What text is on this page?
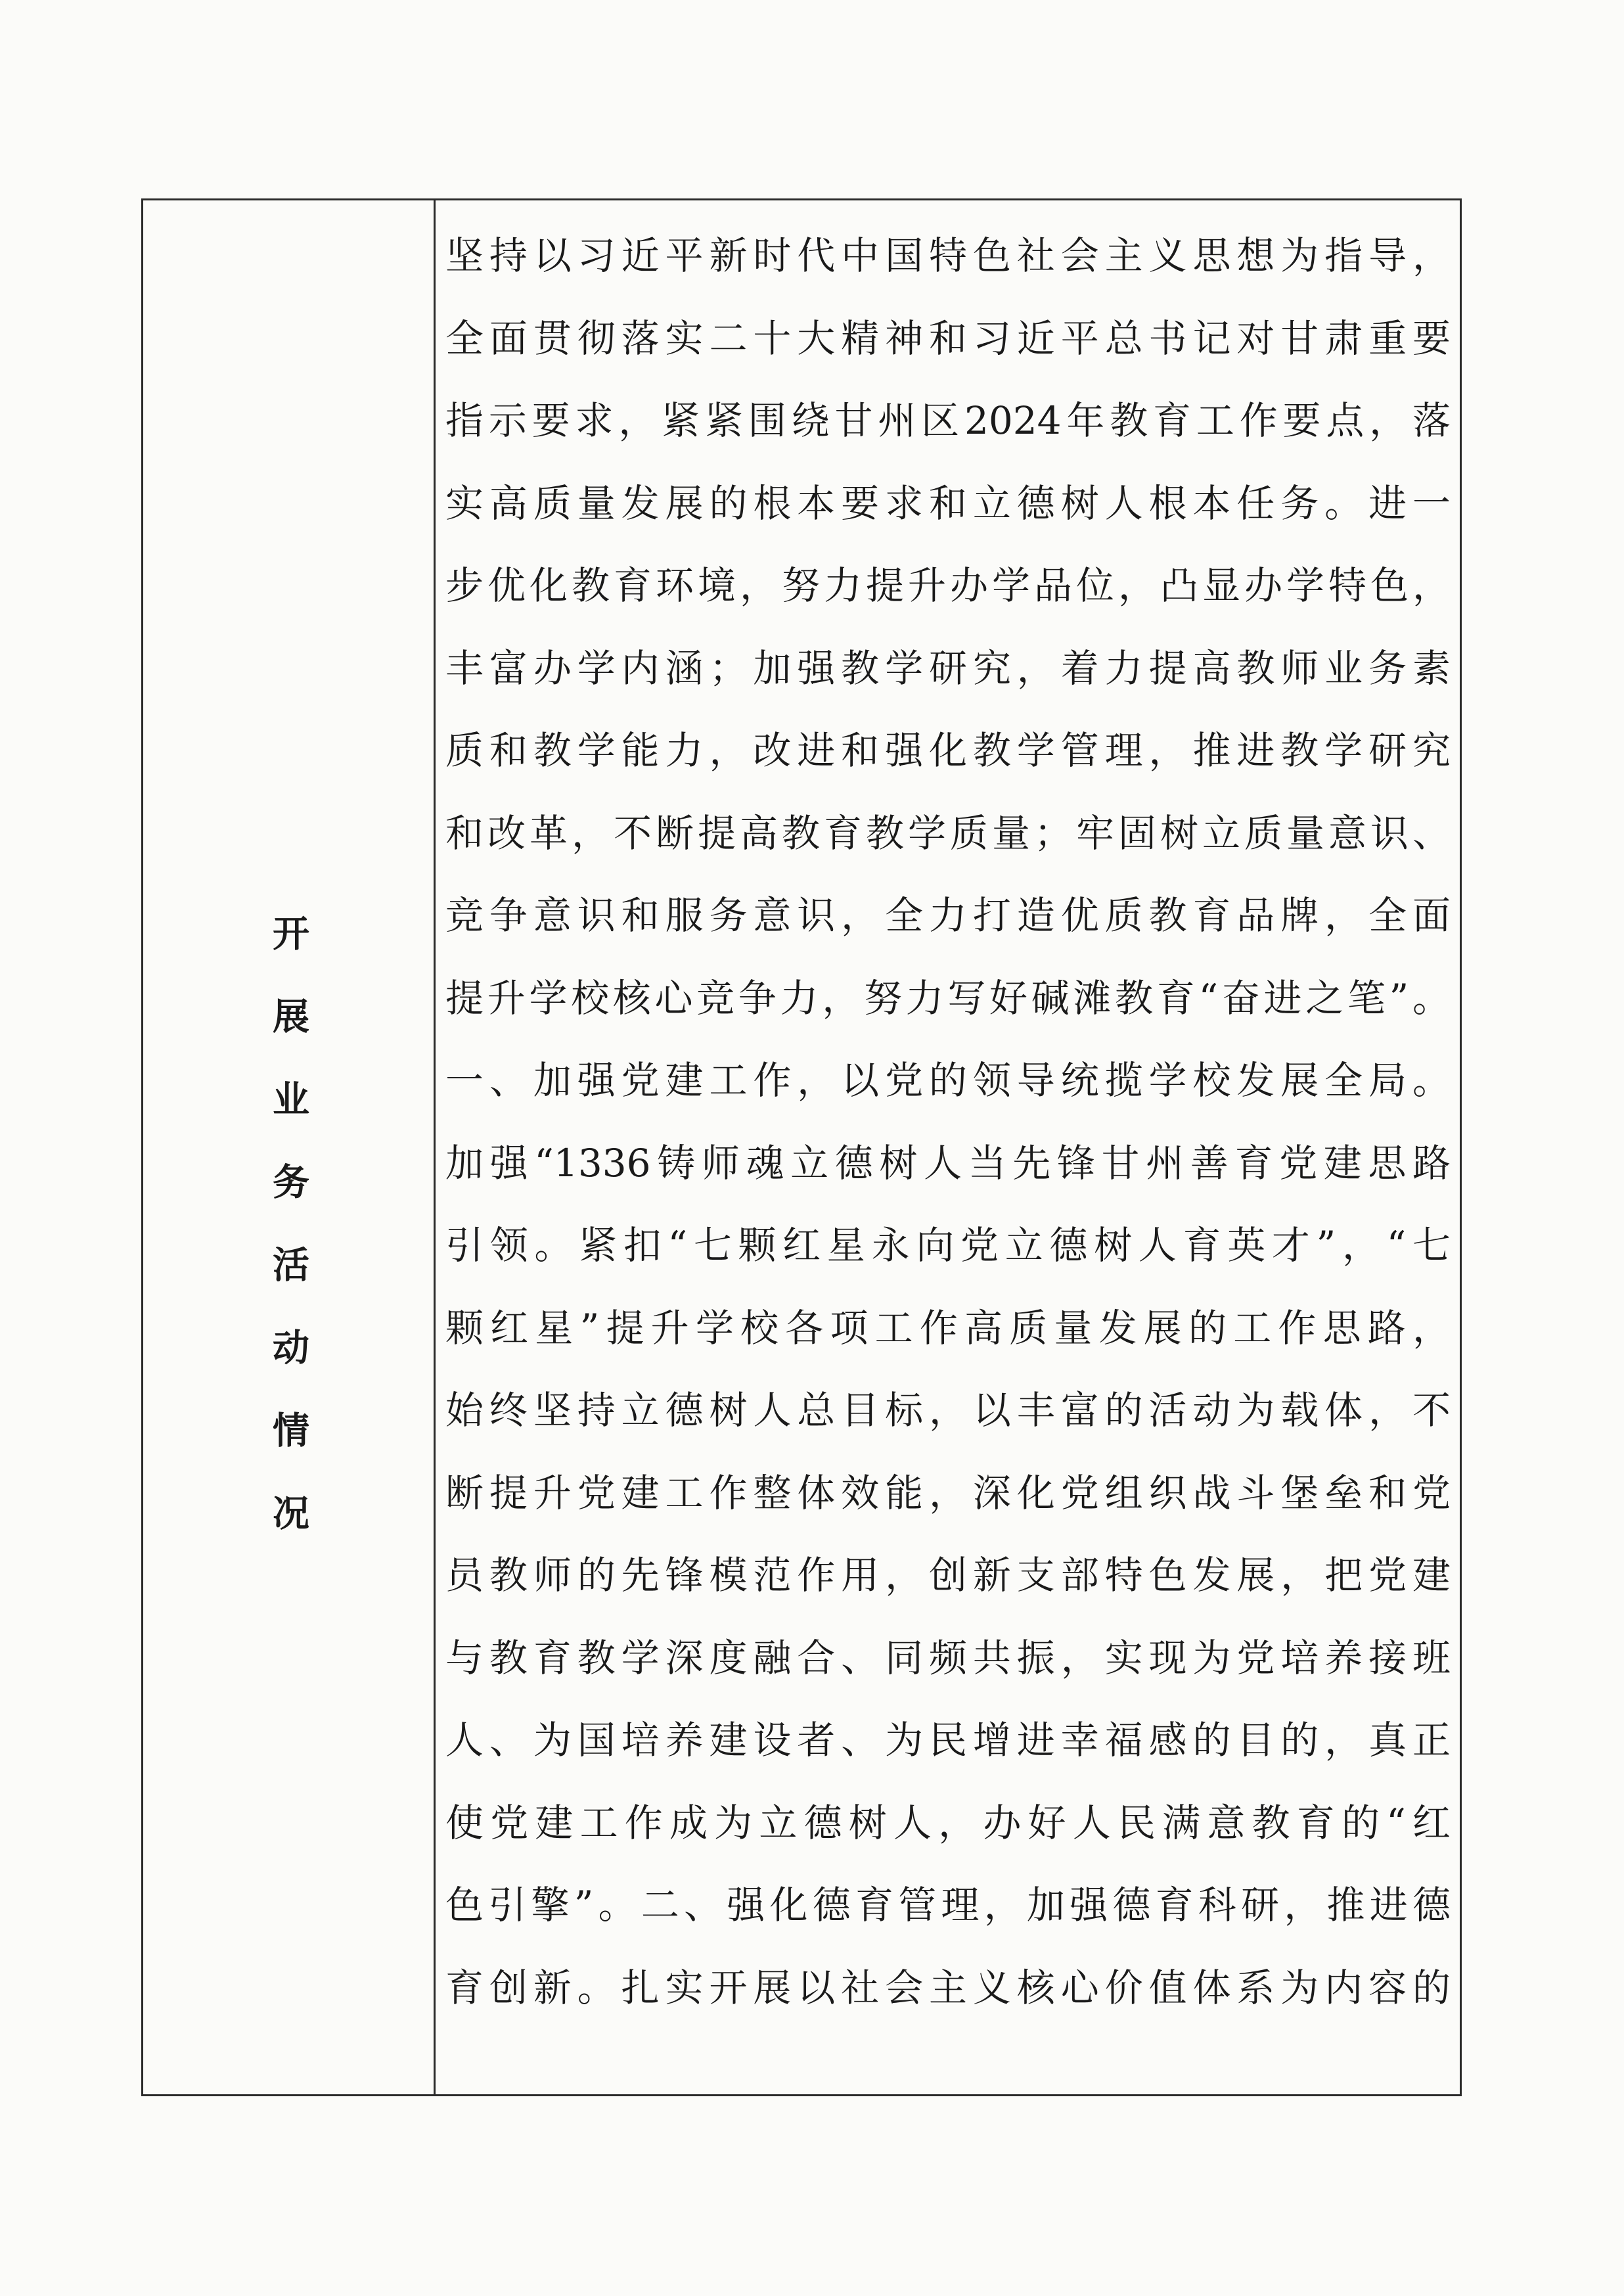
开展业务活动情况
坚持以习近平新时代中国特色社会主义思想为指导，
全面贯彻落实二十大精神和习近平总书记对甘肃重要
指示要求，紧紧围绕甘州区2024年教育工作要点，落
实高质量发展的根本要求和立德树人根本任务。进一
步优化教育环境，努力提升办学品位，凸显办学特色，
丰富办学内涵；加强教学研究，着力提高教师业务素
质和教学能力，改进和强化教学管理，推进教学研究
和改革，不断提高教育教学质量；牢固树立质量意识、
竞争意识和服务意识，全力打造优质教育品牌，全面
提升学校核心竞争力，努力写好碱滩教育“奋进之笔”。
一、加强党建工作，以党的领导统揽学校发展全局。
加强“1336铸师魂立德树人当先锋甘州善育党建思路
引领。紧扣“七颗红星永向党立德树人育英才”，“七
颗红星”提升学校各项工作高质量发展的工作思路，
始终坚持立德树人总目标，以丰富的活动为载体，不
断提升党建工作整体效能，深化党组织战斗堡垒和党
员教师的先锋模范作用，创新支部特色发展，把党建
与教育教学深度融合、同频共振，实现为党培养接班
人、为国培养建设者、为民增进幸福感的目的，真正
使党建工作成为立德树人，办好人民满意教育的“红
色引擎”。二、强化德育管理，加强德育科研，推进德
育创新。扎实开展以社会主义核心价值体系为内容的
